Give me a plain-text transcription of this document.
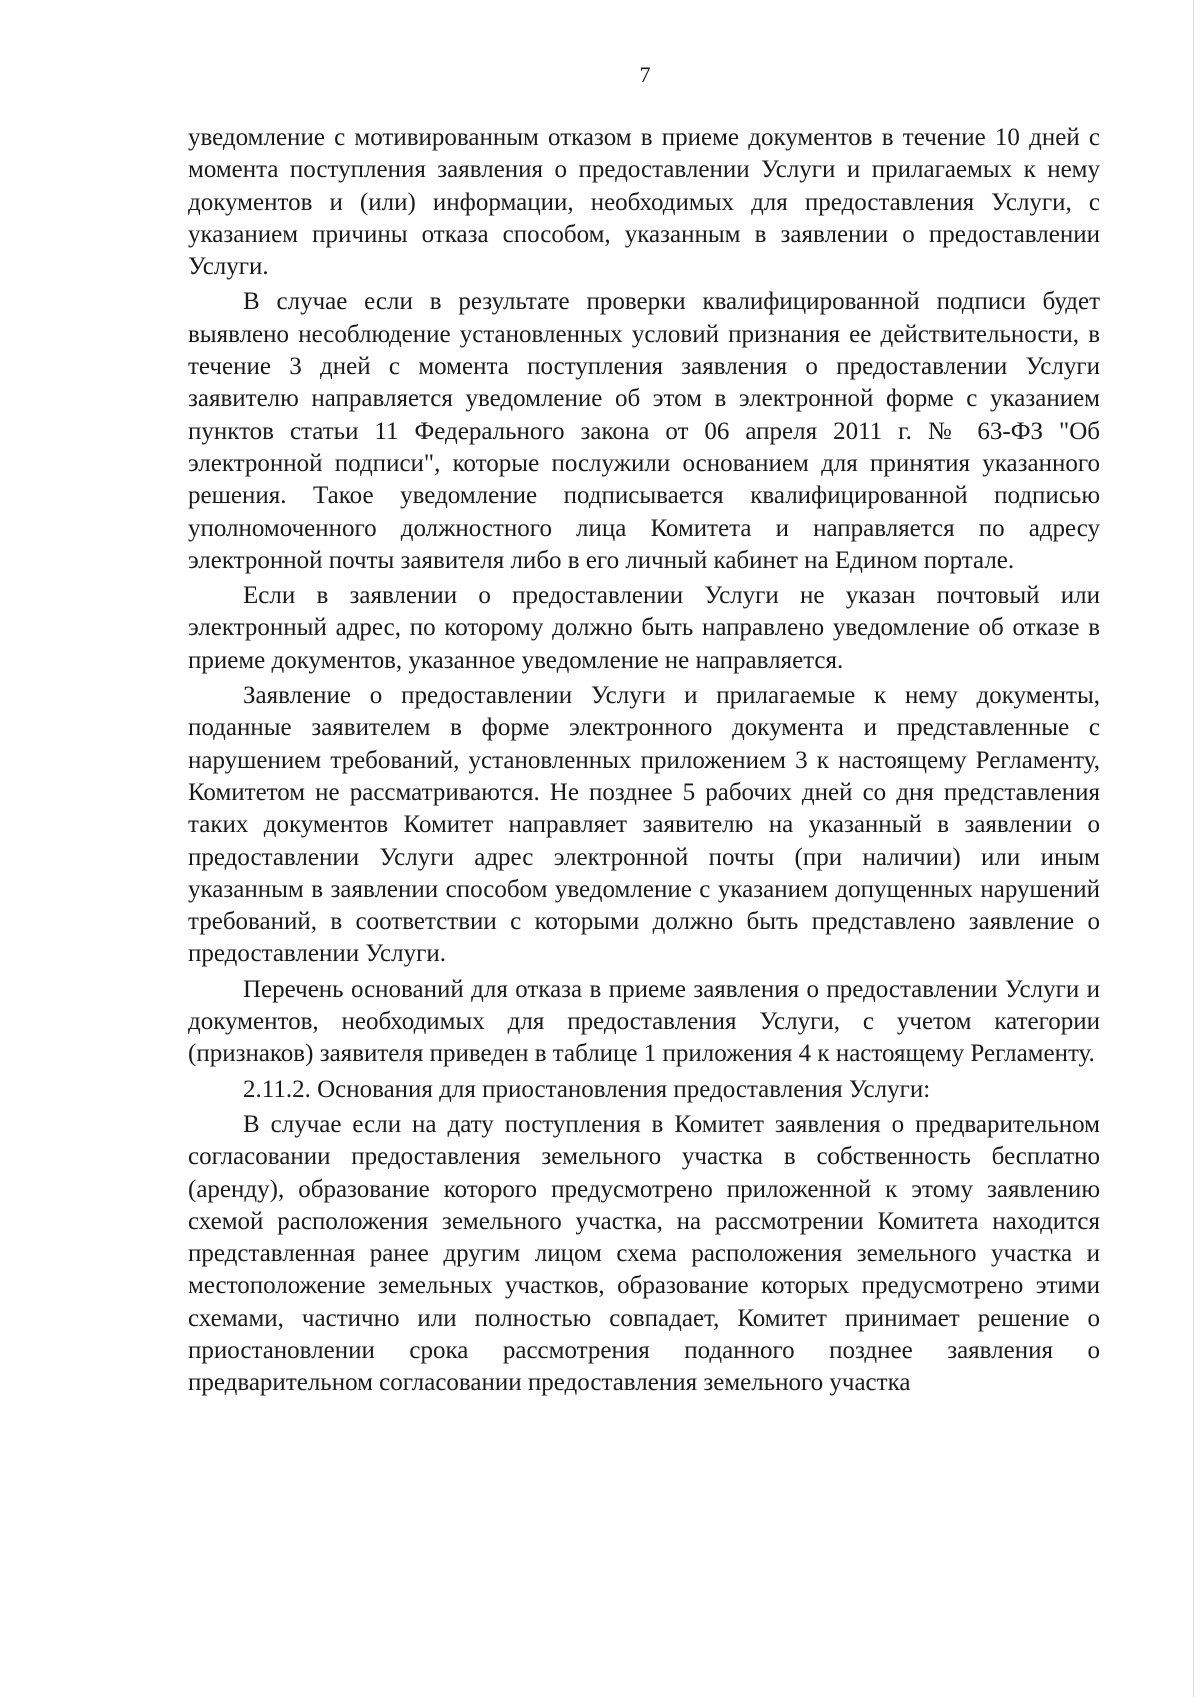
7

уведомление с мотивированным отказом в приеме документов в течение 10 дней с момента поступления заявления о предоставлении Услуги и прилагаемых к нему документов и (или) информации, необходимых для предоставления Услуги, с указанием причины отказа способом, указанным в заявлении о предоставлении Услуги.

В случае если в результате проверки квалифицированной подписи будет выявлено несоблюдение установленных условий признания ее действительности, в течение 3 дней с момента поступления заявления о предоставлении Услуги заявителю направляется уведомление об этом в электронной форме с указанием пунктов статьи 11 Федерального закона от 06 апреля 2011 г. № 63-ФЗ "Об электронной подписи", которые послужили основанием для принятия указанного решения. Такое уведомление подписывается квалифицированной подписью уполномоченного должностного лица Комитета и направляется по адресу электронной почты заявителя либо в его личный кабинет на Едином портале.

Если в заявлении о предоставлении Услуги не указан почтовый или электронный адрес, по которому должно быть направлено уведомление об отказе в приеме документов, указанное уведомление не направляется.

Заявление о предоставлении Услуги и прилагаемые к нему документы, поданные заявителем в форме электронного документа и представленные с нарушением требований, установленных приложением 3 к настоящему Регламенту, Комитетом не рассматриваются. Не позднее 5 рабочих дней со дня представления таких документов Комитет направляет заявителю на указанный в заявлении о предоставлении Услуги адрес электронной почты (при наличии) или иным указанным в заявлении способом уведомление с указанием допущенных нарушений требований, в соответствии с которыми должно быть представлено заявление о предоставлении Услуги.

Перечень оснований для отказа в приеме заявления о предоставлении Услуги и документов, необходимых для предоставления Услуги, с учетом категории (признаков) заявителя приведен в таблице 1 приложения 4 к настоящему Регламенту.

2.11.2. Основания для приостановления предоставления Услуги:

В случае если на дату поступления в Комитет заявления о предварительном согласовании предоставления земельного участка в собственность бесплатно (аренду), образование которого предусмотрено приложенной к этому заявлению схемой расположения земельного участка, на рассмотрении Комитета находится представленная ранее другим лицом схема расположения земельного участка и местоположение земельных участков, образование которых предусмотрено этими схемами, частично или полностью совпадает, Комитет принимает решение о приостановлении срока рассмотрения поданного позднее заявления о предварительном согласовании предоставления земельного участка
